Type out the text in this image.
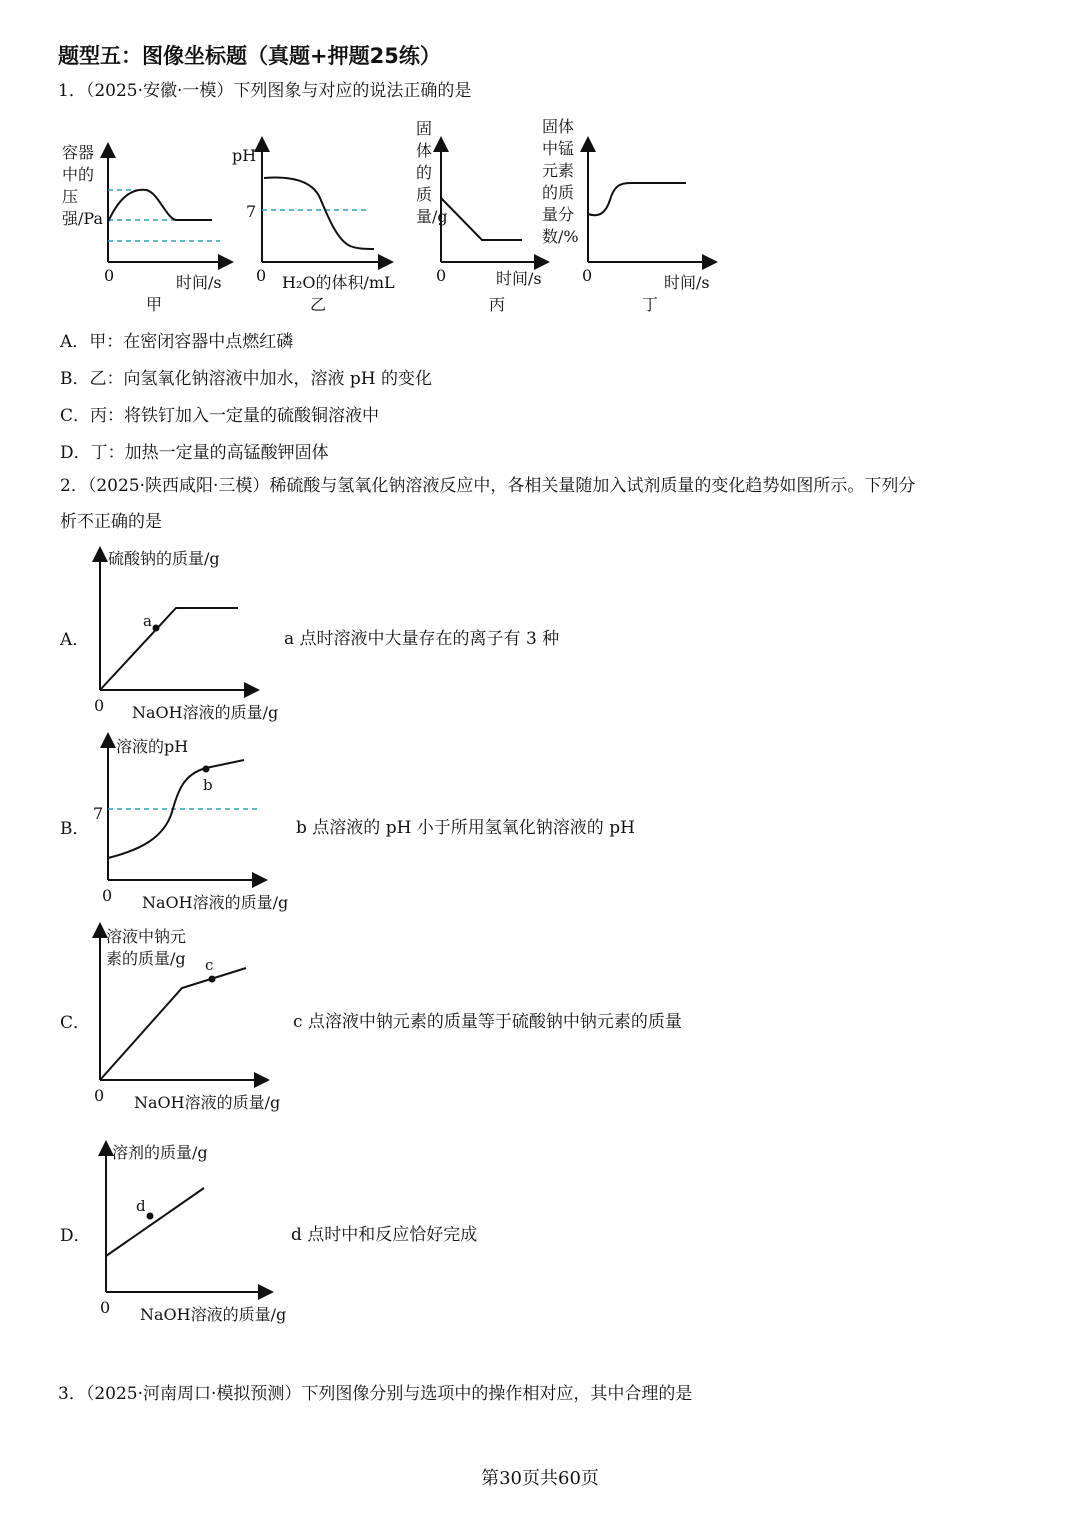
题型五：图像坐标题（真题+押题25练）
1．（2025·安徽·一模）下列图象与对应的说法正确的是
容器中的压强/Pa
0	时间/s
甲
pH
7
0 H₂O的体积/mL
乙
固体的质量/g
0	时间/s
丙
固体中锰元素的质量分数/%
0	时间/s
丁
A．甲：在密闭容器中点燃红磷
B．乙：向氢氧化钠溶液中加水，溶液 pH 的变化
C．丙：将铁钉加入一定量的硫酸铜溶液中
D．丁：加热一定量的高锰酸钾固体
2．（2025·陕西咸阳·三模）稀硫酸与氢氧化钠溶液反应中，各相关量随加入试剂质量的变化趋势如图所示。下列分
析不正确的是
A．
硫酸钠的质量/g
a
0 NaOH溶液的质量/g
a 点时溶液中大量存在的离子有 3 种
B．
溶液的pH
7
b
0 NaOH溶液的质量/g
b 点溶液的 pH 小于所用氢氧化钠溶液的 pH
C．
溶液中钠元
素的质量/g c
0 NaOH溶液的质量/g
c 点溶液中钠元素的质量等于硫酸钠中钠元素的质量
D．
溶剂的质量/g
d
0 NaOH溶液的质量/g
d 点时中和反应恰好完成
3．（2025·河南周口·模拟预测）下列图像分别与选项中的操作相对应，其中合理的是
第30页共60页
